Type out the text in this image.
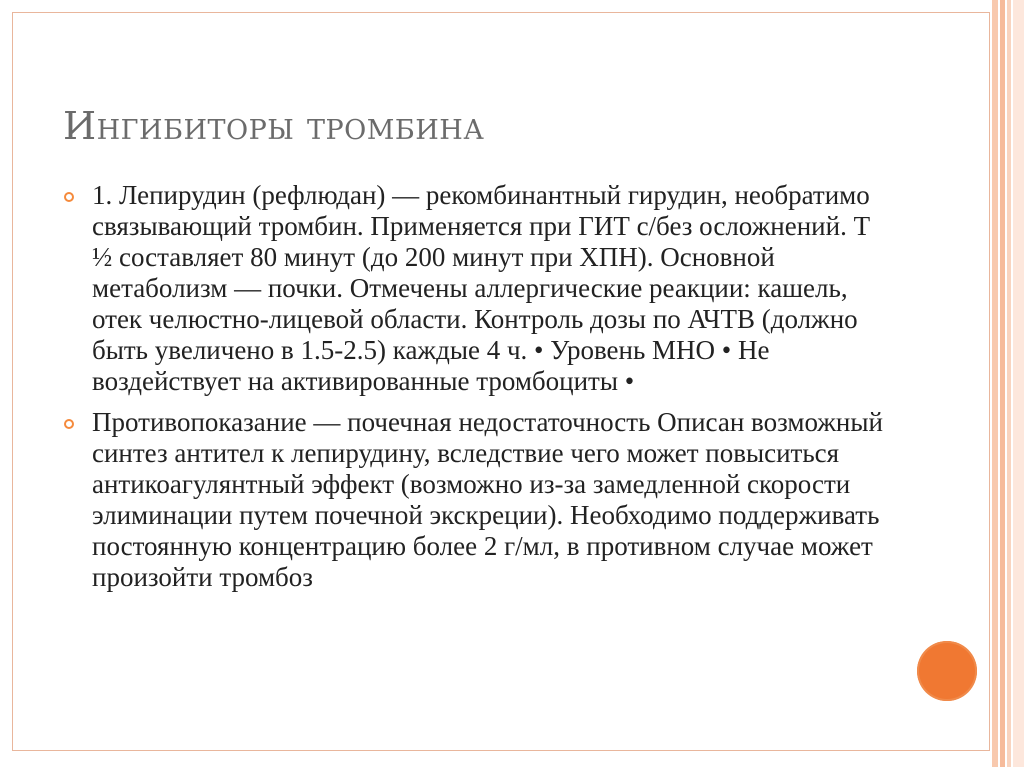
Ингибиторы тромбина

1. Лепирудин (рефлюдан) — рекомбинантный гирудин, необратимо связывающий тромбин. Применяется при ГИТ с/без осложнений. Т ½ составляет 80 минут (до 200 минут при ХПН). Основной метаболизм — почки. Отмечены аллергические реакции: кашель, отек челюстно-лицевой области. Контроль дозы по АЧТВ (должно быть увеличено в 1.5-2.5) каждые 4 ч. • Уровень МНО • Не воздействует на активированные тромбоциты •

Противопоказание — почечная недостаточность Описан возможный синтез антител к лепирудину, вследствие чего может повыситься антикоагулянтный эффект (возможно из-за замедленной скорости элиминации путем почечной экскреции). Необходимо поддерживать постоянную концентрацию более 2 г/мл, в противном случае может произойти тромбоз
